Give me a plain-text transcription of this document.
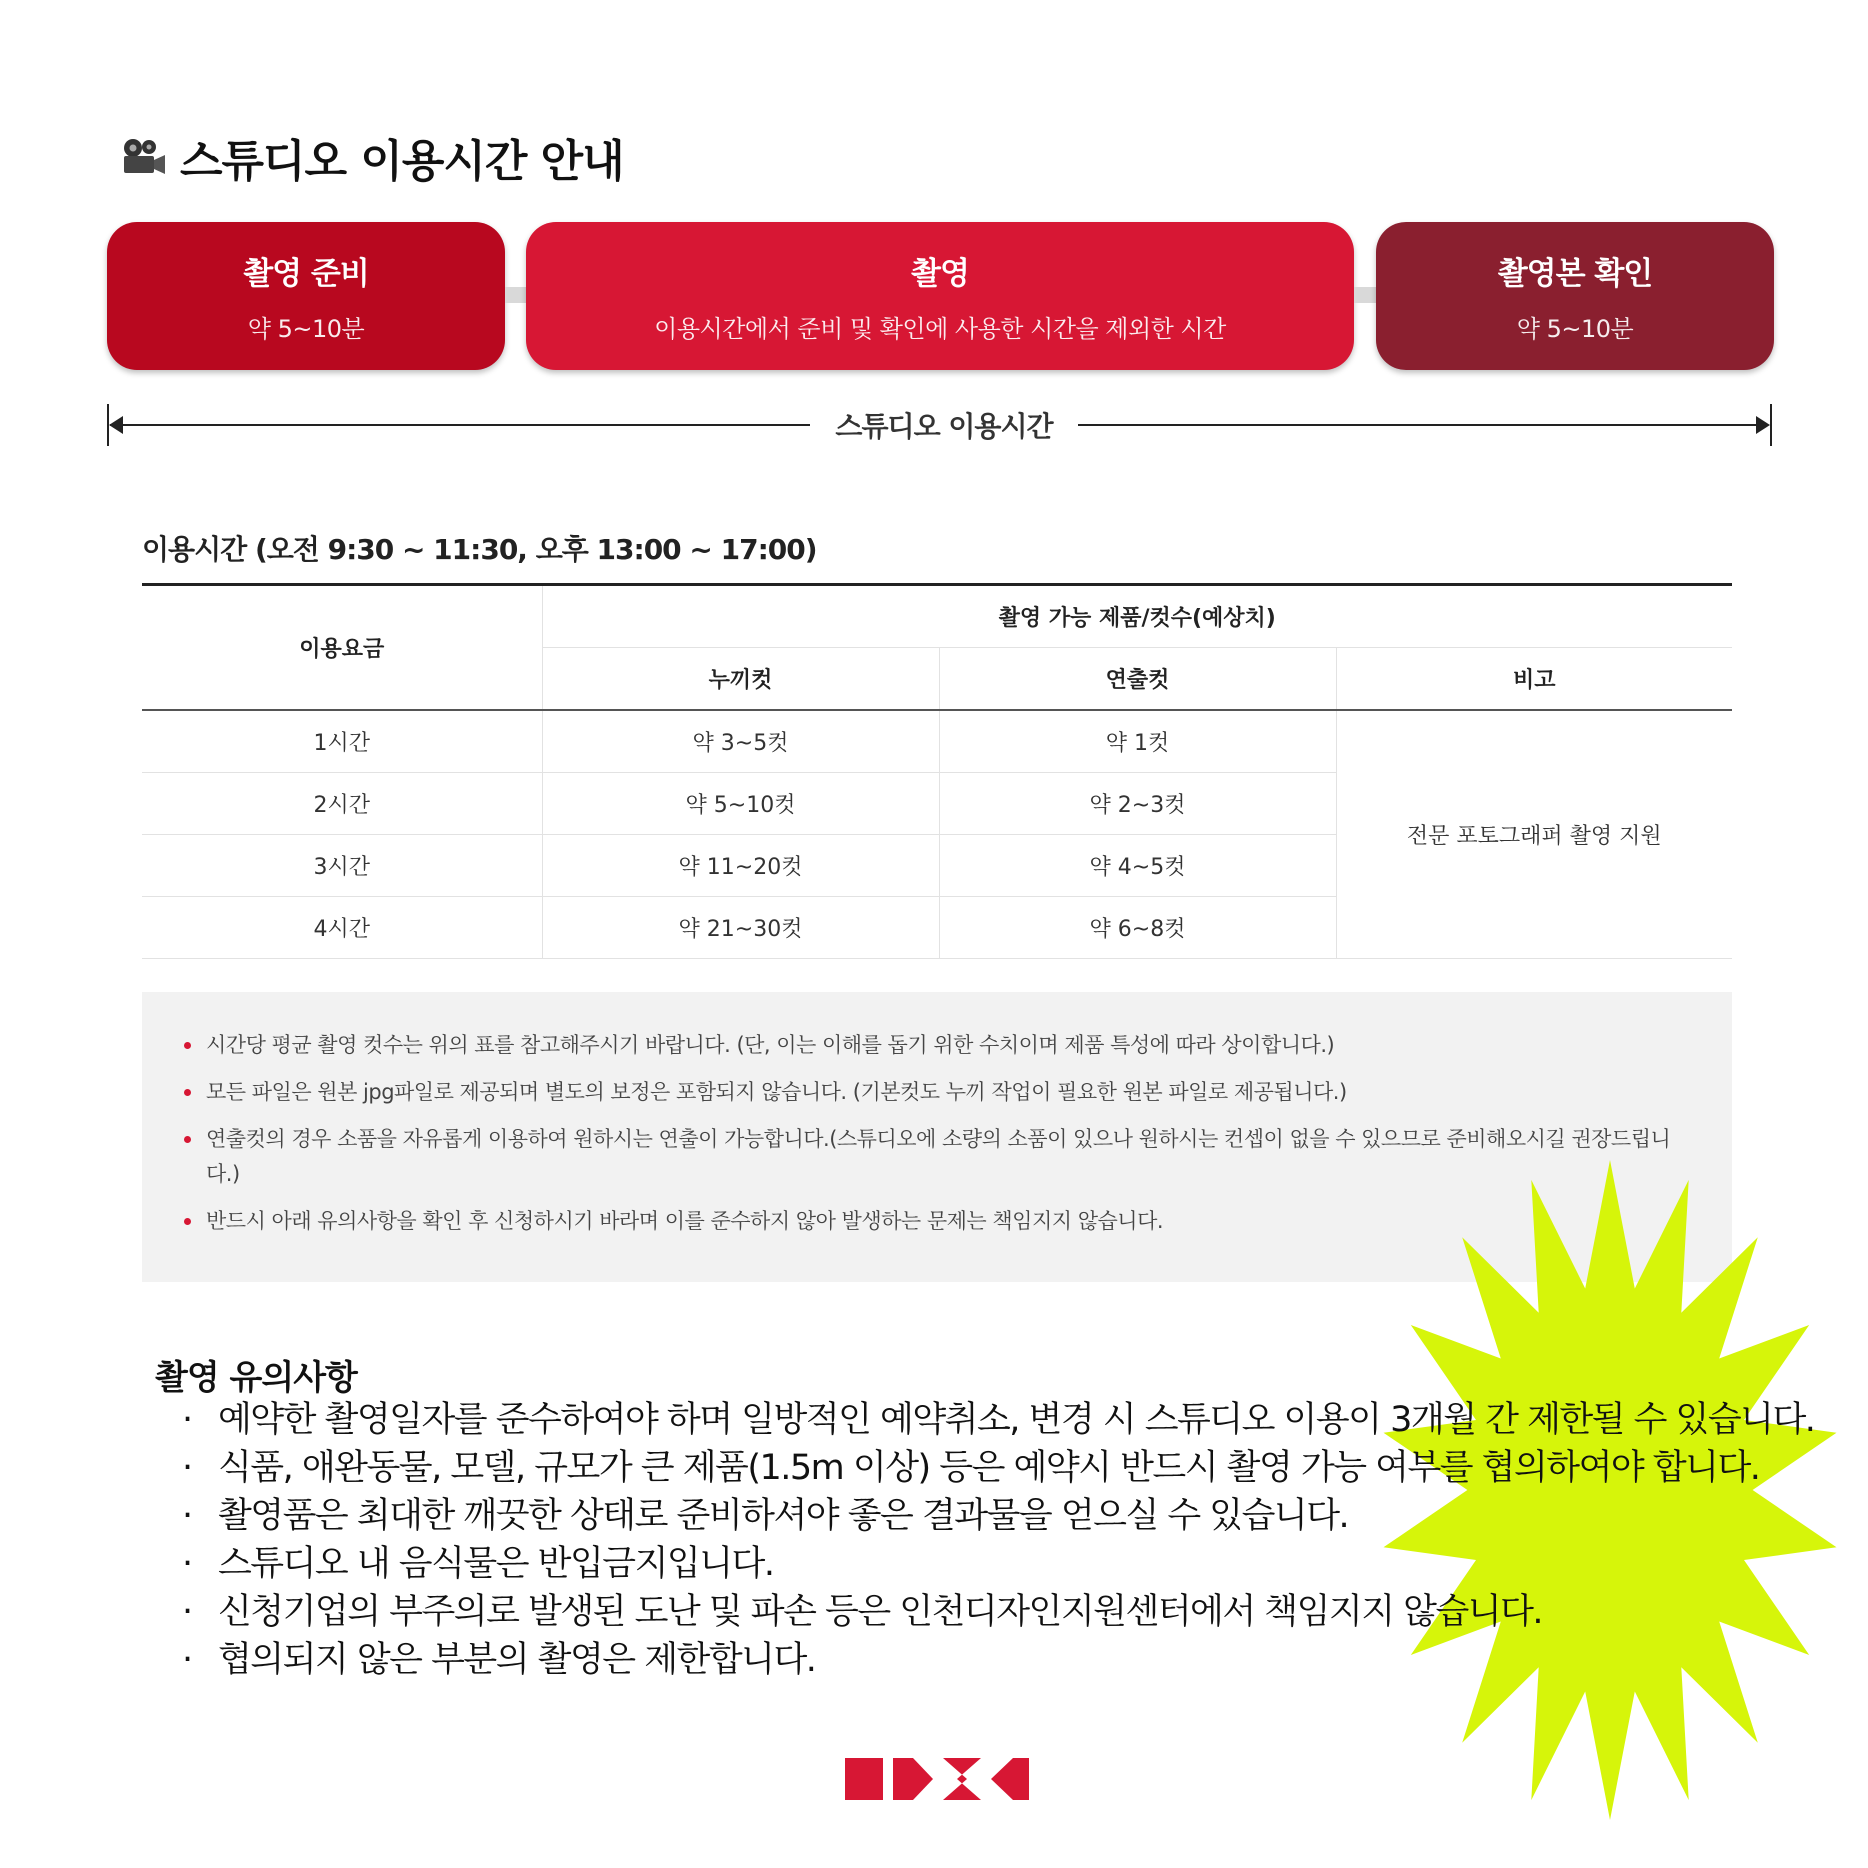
스튜디오 이용시간 안내
촬영 준비
약 5~10분
촬영
이용시간에서 준비 및 확인에 사용한 시간을 제외한 시간
촬영본 확인
약 5~10분
스튜디오 이용시간
이용시간 (오전 9:30 ~ 11:30, 오후 13:00 ~ 17:00)
이용요금	촬영 가능 제품/컷수(예상치)		
	누끼컷	연출컷	비고
1시간	약 3~5컷	약 1컷	전문 포토그래퍼 촬영 지원
2시간	약 5~10컷	약 2~3컷	
3시간	약 11~20컷	약 4~5컷	
4시간	약 21~30컷	약 6~8컷	
시간당 평균 촬영 컷수는 위의 표를 참고해주시기 바랍니다. (단, 이는 이해를 돕기 위한 수치이며 제품 특성에 따라 상이합니다.)
모든 파일은 원본 jpg파일로 제공되며 별도의 보정은 포함되지 않습니다. (기본컷도 누끼 작업이 필요한 원본 파일로 제공됩니다.)
연출컷의 경우 소품을 자유롭게 이용하여 원하시는 연출이 가능합니다.(스튜디오에 소량의 소품이 있으나 원하시는 컨셉이 없을 수 있으므로 준비해오시길 권장드립니다.)
반드시 아래 유의사항을 확인 후 신청하시기 바라며 이를 준수하지 않아 발생하는 문제는 책임지지 않습니다.
촬영 유의사항
· 예약한 촬영일자를 준수하여야 하며 일방적인 예약취소, 변경 시 스튜디오 이용이 3개월 간 제한될 수 있습니다.
· 식품, 애완동물, 모델, 규모가 큰 제품(1.5m 이상) 등은 예약시 반드시 촬영 가능 여부를 협의하여야 합니다.
· 촬영품은 최대한 깨끗한 상태로 준비하셔야 좋은 결과물을 얻으실 수 있습니다.
· 스튜디오 내 음식물은 반입금지입니다.
· 신청기업의 부주의로 발생된 도난 및 파손 등은 인천디자인지원센터에서 책임지지 않습니다.
· 협의되지 않은 부분의 촬영은 제한합니다.
